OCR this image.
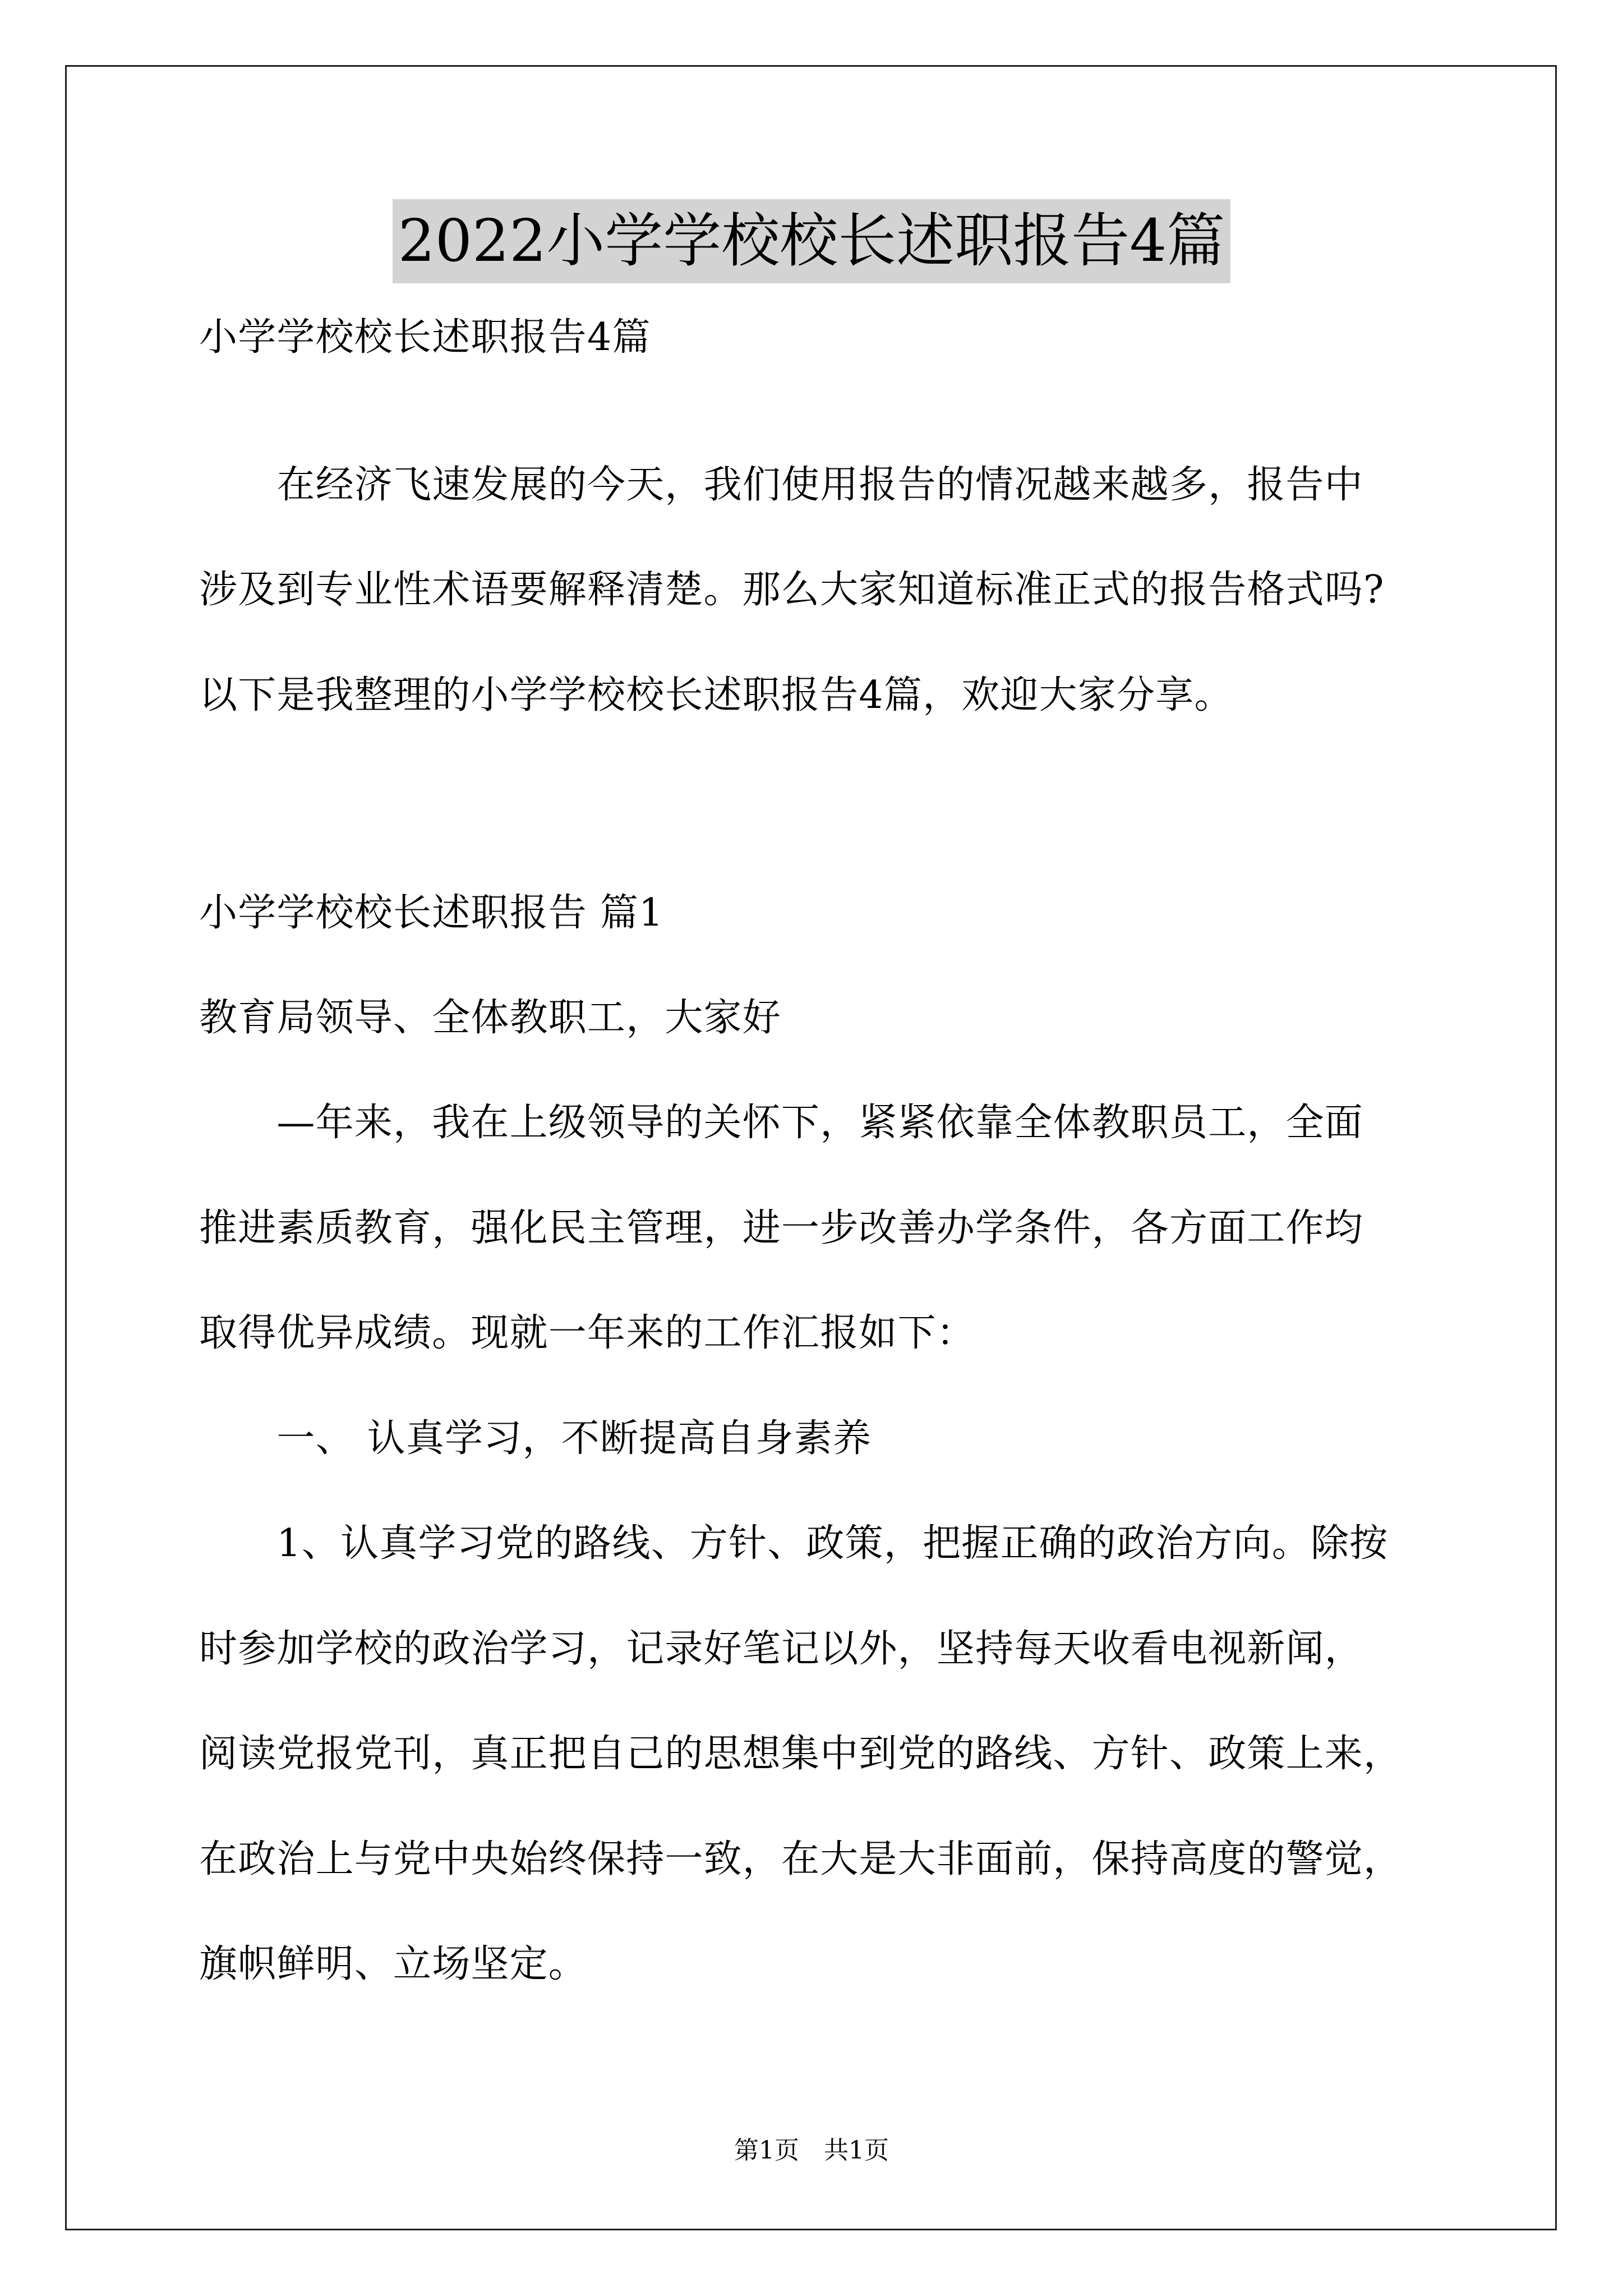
2022小学学校校长述职报告4篇
小学学校校长述职报告4篇
　　在经济飞速发展的今天，我们使用报告的情况越来越多，报告中
涉及到专业性术语要解释清楚。那么大家知道标准正式的报告格式吗?
以下是我整理的小学学校校长述职报告4篇，欢迎大家分享。
小学学校校长述职报告 篇1
教育局领导、全体教职工，大家好
　　—年来，我在上级领导的关怀下，紧紧依靠全体教职员工，全面
推进素质教育，强化民主管理，进一步改善办学条件，各方面工作均
取得优异成绩。现就一年来的工作汇报如下：
　　一、 认真学习，不断提高自身素养
　　1、认真学习党的路线、方针、政策，把握正确的政治方向。除按
时参加学校的政治学习，记录好笔记以外，坚持每天收看电视新闻，
阅读党报党刊，真正把自己的思想集中到党的路线、方针、政策上来，
在政治上与党中央始终保持一致，在大是大非面前，保持高度的警觉，
旗帜鲜明、立场坚定。
第1页　共1页
